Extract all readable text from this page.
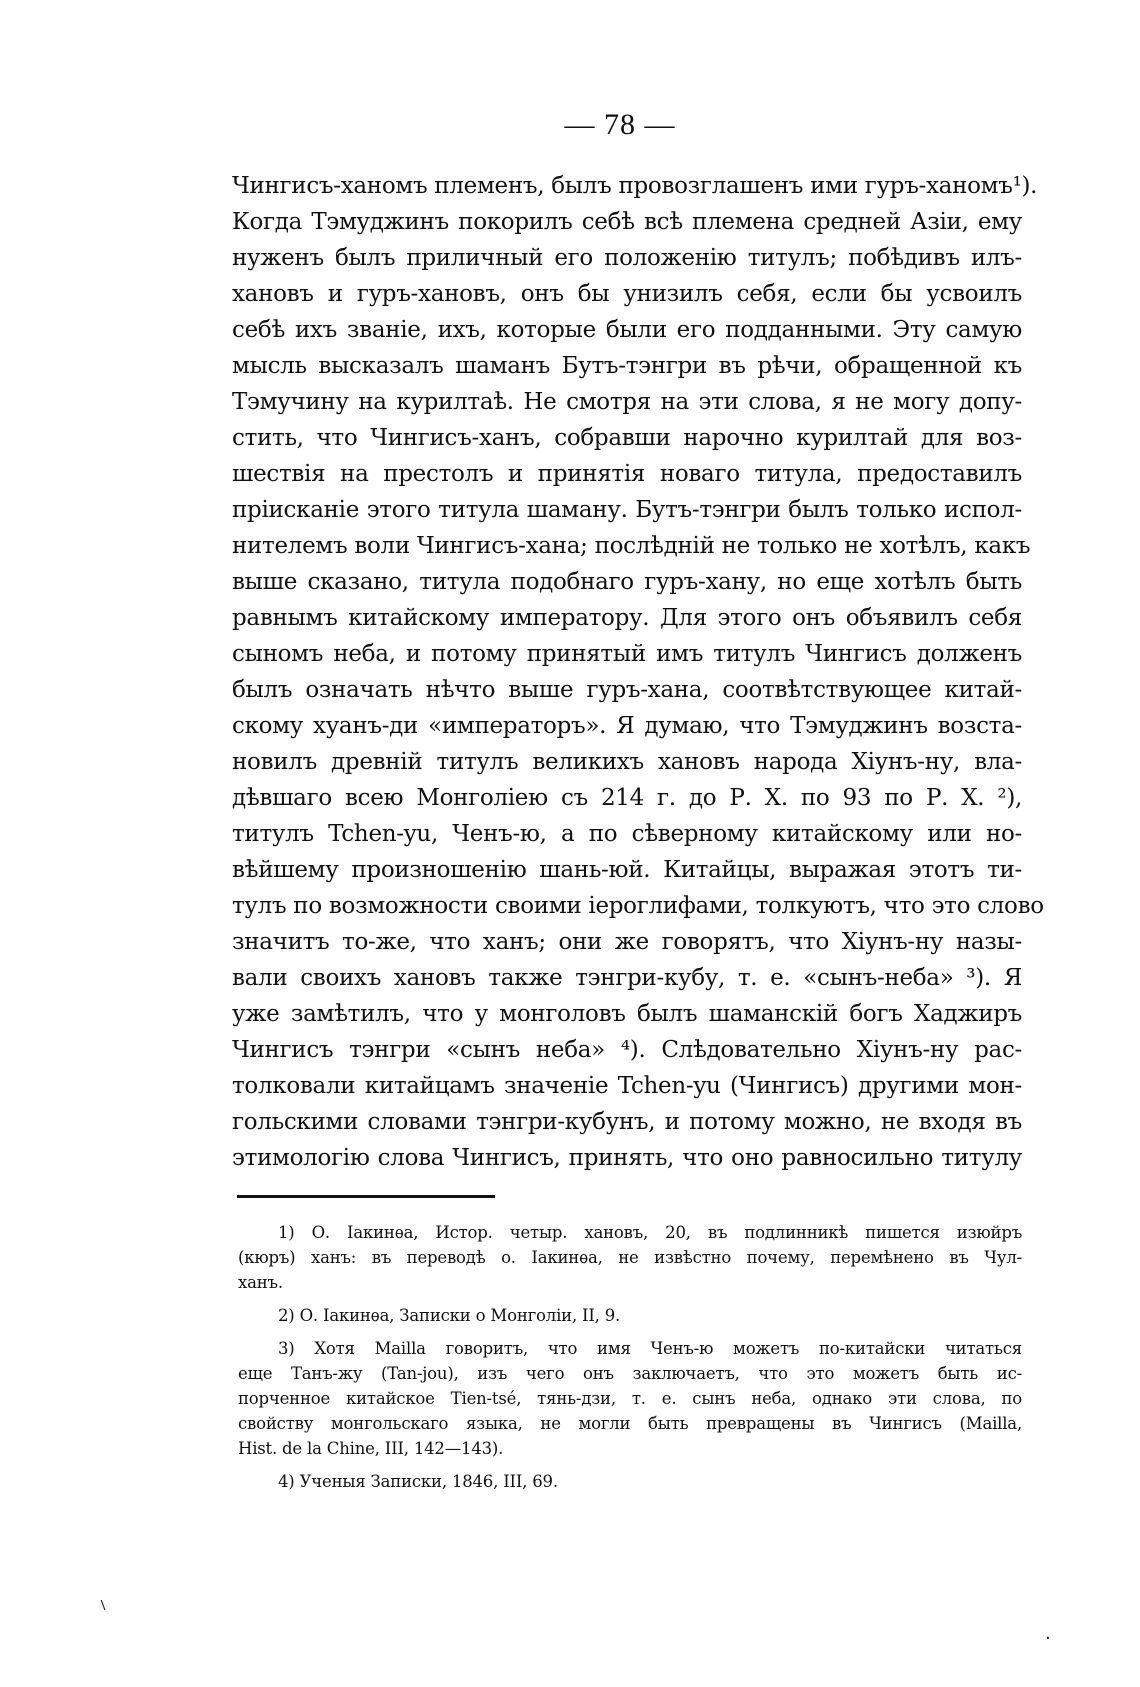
— 78 —
Чингисъ-ханомъ племенъ, былъ провозглашенъ ими гуръ-ханомъ¹).
Когда Тэмуджинъ покорилъ себѣ всѣ племена средней Азіи, ему
нуженъ былъ приличный его положенію титулъ; побѣдивъ илъ-
хановъ и гуръ-хановъ, онъ бы унизилъ себя, если бы усвоилъ
себѣ ихъ званіе, ихъ, которые были его подданными. Эту самую
мысль высказалъ шаманъ Бутъ-тэнгри въ рѣчи, обращенной къ
Тэмучину на курилтаѣ. Не смотря на эти слова, я не могу допу-
стить, что Чингисъ-ханъ, собравши нарочно курилтай для воз-
шествія на престолъ и принятія новаго титула, предоставилъ
пріисканіе этого титула шаману. Бутъ-тэнгри былъ только испол-
нителемъ воли Чингисъ-хана; послѣдній не только не хотѣлъ, какъ
выше сказано, титула подобнаго гуръ-хану, но еще хотѣлъ быть
равнымъ китайскому императору. Для этого онъ объявилъ себя
сыномъ неба, и потому принятый имъ титулъ Чингисъ долженъ
былъ означать нѣчто выше гуръ-хана, соотвѣтствующее китай-
скому хуанъ-ди «императоръ». Я думаю, что Тэмуджинъ возста-
новилъ древній титулъ великихъ хановъ народа Хіунъ-ну, вла-
дѣвшаго всею Монголіею съ 214 г. до Р. Х. по 93 по Р. Х. ²),
титулъ Tchen-yu, Ченъ-ю, а по сѣверному китайскому или но-
вѣйшему произношенію шань-юй. Китайцы, выражая этотъ ти-
тулъ по возможности своими іероглифами, толкуютъ, что это слово
значитъ то-же, что ханъ; они же говорятъ, что Хіунъ-ну назы-
вали своихъ хановъ также тэнгри-кубу, т. е. «сынъ-неба» ³). Я
уже замѣтилъ, что у монголовъ былъ шаманскій богъ Хаджиръ
Чингисъ тэнгри «сынъ неба» ⁴). Слѣдовательно Хіунъ-ну рас-
толковали китайцамъ значеніе Tchen-yu (Чингисъ) другими мон-
гольскими словами тэнгри-кубунъ, и потому можно, не входя въ
этимологію слова Чингисъ, принять, что оно равносильно титулу
1) О. Іакинѳа, Истор. четыр. хановъ, 20, въ подлинникѣ пишется изюйръ
(кюръ) ханъ: въ переводѣ о. Іакинѳа, не извѣстно почему, перемѣнено въ Чул-
ханъ.
2) О. Іакинѳа, Записки о Монголіи, II, 9.
3) Хотя Mailla говоритъ, что имя Ченъ-ю можетъ по-китайски читаться
еще Танъ-жу (Tan-jou), изъ чего онъ заключаетъ, что это можетъ быть ис-
порченное китайское Tien-tsé, тянь-дзи, т. е. сынъ неба, однако эти слова, по
свойству монгольскаго языка, не могли быть превращены въ Чингисъ (Mailla,
Hist. de la Chine, III, 142—143).
4) Ученыя Записки, 1846, III, 69.
⸜
·
